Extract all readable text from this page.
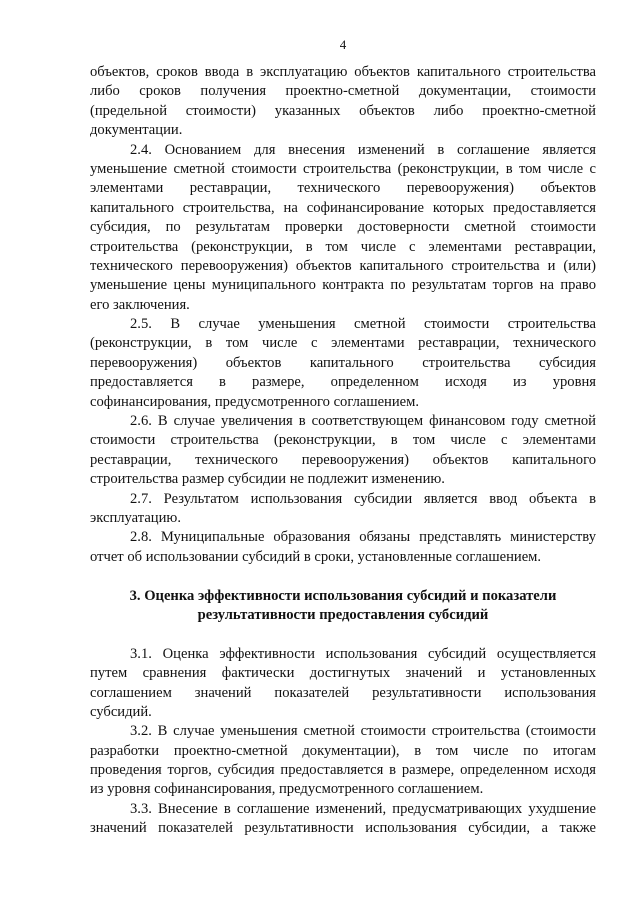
4
объектов, сроков ввода в эксплуатацию объектов капитального строительства
либо сроков получения проектно-сметной документации, стоимости
(предельной стоимости) указанных объектов либо проектно-сметной
документации.
2.4. Основанием для внесения изменений в соглашение является
уменьшение сметной стоимости строительства (реконструкции, в том числе с
элементами реставрации, технического перевооружения) объектов
капитального строительства, на софинансирование которых предоставляется
субсидия, по результатам проверки достоверности сметной стоимости
строительства (реконструкции, в том числе с элементами реставрации,
технического перевооружения) объектов капитального строительства и (или)
уменьшение цены муниципального контракта по результатам торгов на право
его заключения.
2.5. В случае уменьшения сметной стоимости строительства
(реконструкции, в том числе с элементами реставрации, технического
перевооружения) объектов капитального строительства субсидия
предоставляется в размере, определенном исходя из уровня
софинансирования, предусмотренного соглашением.
2.6. В случае увеличения в соответствующем финансовом году сметной
стоимости строительства (реконструкции, в том числе с элементами
реставрации, технического перевооружения) объектов капитального
строительства размер субсидии не подлежит изменению.
2.7. Результатом использования субсидии является ввод объекта в
эксплуатацию.
2.8. Муниципальные образования обязаны представлять министерству
отчет об использовании субсидий в сроки, установленные соглашением.
3. Оценка эффективности использования субсидий и показатели
результативности предоставления субсидий
3.1. Оценка эффективности использования субсидий осуществляется
путем сравнения фактически достигнутых значений и установленных
соглашением значений показателей результативности использования
субсидий.
3.2. В случае уменьшения сметной стоимости строительства (стоимости
разработки проектно-сметной документации), в том числе по итогам
проведения торгов, субсидия предоставляется в размере, определенном исходя
из уровня софинансирования, предусмотренного соглашением.
3.3. Внесение в соглашение изменений, предусматривающих ухудшение
значений показателей результативности использования субсидии, а также
